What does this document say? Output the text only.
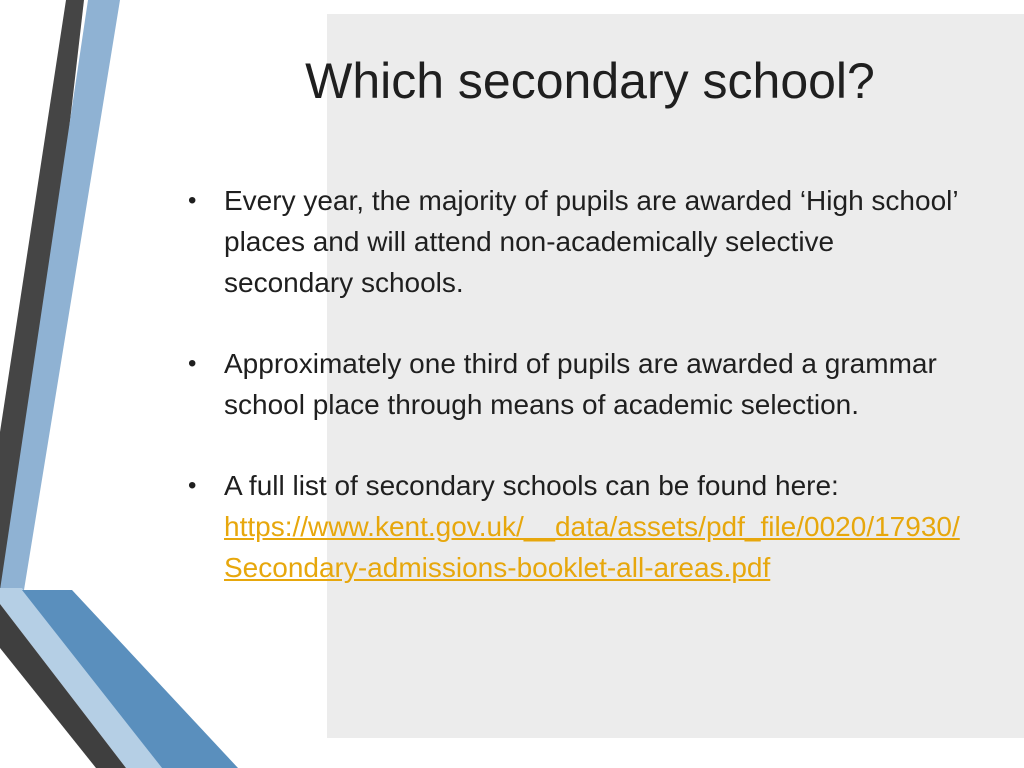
Which secondary school?
• Every year, the majority of pupils are awarded ‘High school’ places and will attend non-academically selective secondary schools.
• Approximately one third of pupils are awarded a grammar school place through means of academic selection.
• A full list of secondary schools can be found here:
https://www.kent.gov.uk/__data/assets/pdf_file/0020/17930/Secondary-admissions-booklet-all-areas.pdf
